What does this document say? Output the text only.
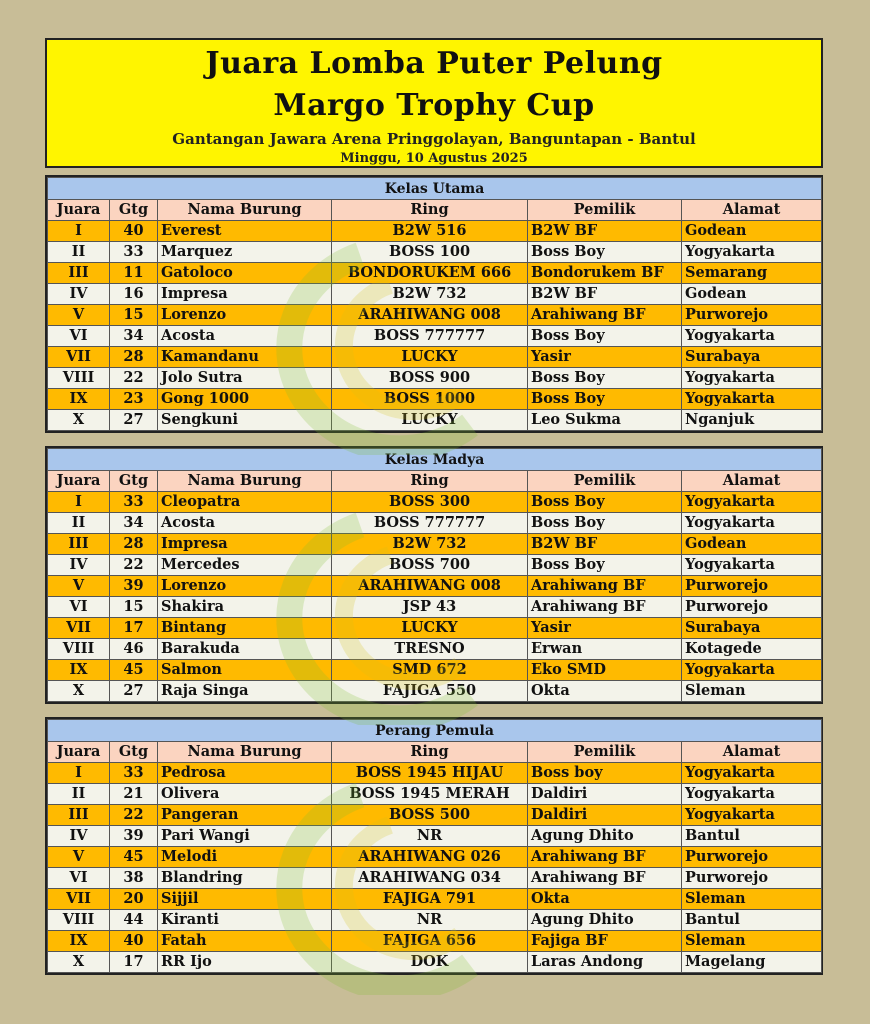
Juara Lomba Puter Pelung
Margo Trophy Cup
Gantangan Jawara Arena Pringgolayan, Banguntapan - Bantul
Minggu, 10 Agustus 2025
Kelas Utama					
Juara	Gtg	Nama Burung	Ring	Pemilik	Alamat
I	40	Everest	B2W 516	B2W BF	Godean
II	33	Marquez	BOSS 100	Boss Boy	Yogyakarta
III	11	Gatoloco	BONDORUKEM 666	Bondorukem BF	Semarang
IV	16	Impresa	B2W 732	B2W BF	Godean
V	15	Lorenzo	ARAHIWANG 008	Arahiwang BF	Purworejo
VI	34	Acosta	BOSS 777777	Boss Boy	Yogyakarta
VII	28	Kamandanu	LUCKY	Yasir	Surabaya
VIII	22	Jolo Sutra	BOSS 900	Boss Boy	Yogyakarta
IX	23	Gong 1000	BOSS 1000	Boss Boy	Yogyakarta
X	27	Sengkuni	LUCKY	Leo Sukma	Nganjuk
Kelas Madya					
Juara	Gtg	Nama Burung	Ring	Pemilik	Alamat
I	33	Cleopatra	BOSS 300	Boss Boy	Yogyakarta
II	34	Acosta	BOSS 777777	Boss Boy	Yogyakarta
III	28	Impresa	B2W 732	B2W BF	Godean
IV	22	Mercedes	BOSS 700	Boss Boy	Yogyakarta
V	39	Lorenzo	ARAHIWANG 008	Arahiwang BF	Purworejo
VI	15	Shakira	JSP 43	Arahiwang BF	Purworejo
VII	17	Bintang	LUCKY	Yasir	Surabaya
VIII	46	Barakuda	TRESNO	Erwan	Kotagede
IX	45	Salmon	SMD 672	Eko SMD	Yogyakarta
X	27	Raja Singa	FAJIGA 550	Okta	Sleman
Perang Pemula					
Juara	Gtg	Nama Burung	Ring	Pemilik	Alamat
I	33	Pedrosa	BOSS 1945 HIJAU	Boss boy	Yogyakarta
II	21	Olivera	BOSS 1945 MERAH	Daldiri	Yogyakarta
III	22	Pangeran	BOSS 500	Daldiri	Yogyakarta
IV	39	Pari Wangi	NR	Agung Dhito	Bantul
V	45	Melodi	ARAHIWANG 026	Arahiwang BF	Purworejo
VI	38	Blandring	ARAHIWANG 034	Arahiwang BF	Purworejo
VII	20	Sijjil	FAJIGA 791	Okta	Sleman
VIII	44	Kiranti	NR	Agung Dhito	Bantul
IX	40	Fatah	FAJIGA 656	Fajiga BF	Sleman
X	17	RR Ijo	DOK	Laras Andong	Magelang
